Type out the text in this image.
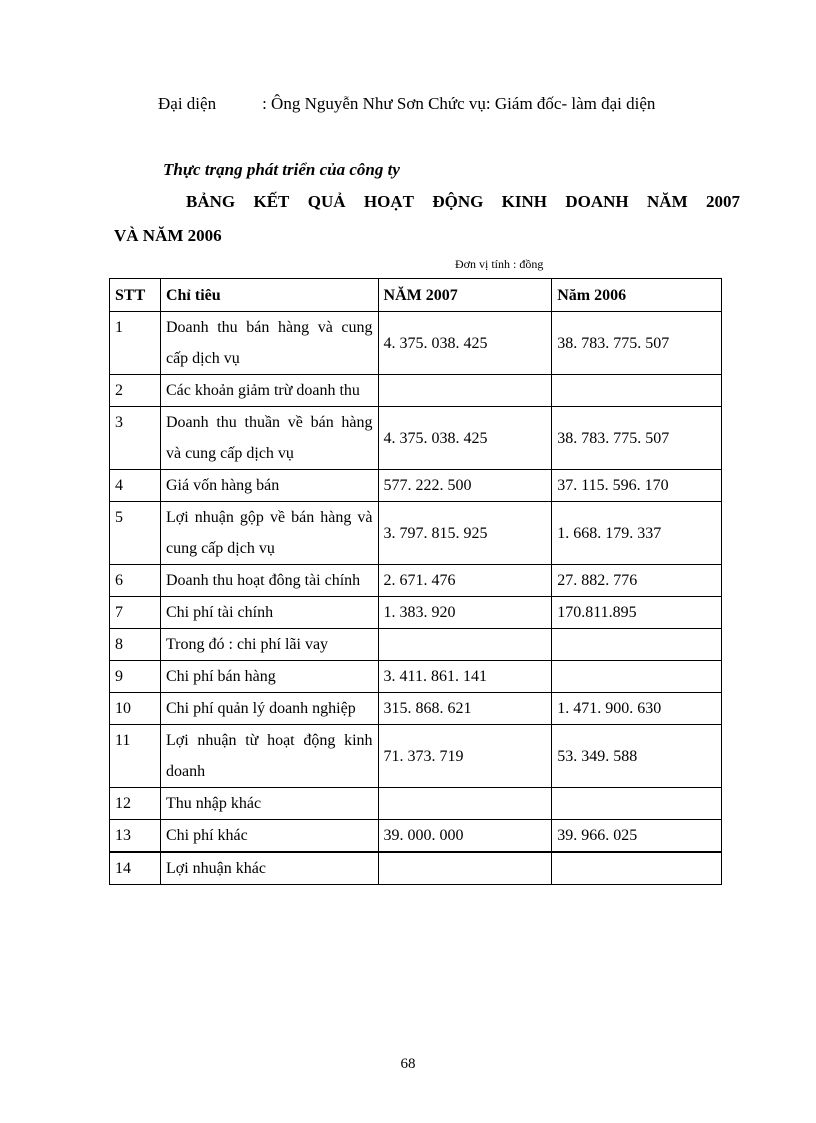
Đại diện	: Ông Nguyễn Như Sơn Chức vụ: Giám đốc- làm đại diện
Thực trạng phát triển của công ty
BẢNG KẾT QUẢ HOẠT ĐỘNG KINH DOANH NĂM 2007
VÀ NĂM 2006
Đơn vị tính : đồng
STT	Chỉ tiêu	NĂM 2007	Năm 2006
1	Doanh thu bán hàng và cung cấp dịch vụ	4. 375. 038. 425	38. 783. 775. 507
2	Các khoản giảm trừ doanh thu		
3	Doanh thu thuần về bán hàng và cung cấp dịch vụ	4. 375. 038. 425	38. 783. 775. 507
4	Giá vốn hàng bán	577. 222. 500	37. 115. 596. 170
5	Lợi nhuận gộp về bán hàng và cung cấp dịch vụ	3. 797. 815. 925	1. 668. 179. 337
6	Doanh thu hoạt đông tài chính	2. 671. 476	27. 882. 776
7	Chi phí tài chính	1. 383. 920	170.811.895
8	Trong đó : chi phí lãi vay		
9	Chi phí bán hàng	3. 411. 861. 141	
10	Chi phí quản lý doanh nghiệp	315. 868. 621	1. 471. 900. 630
11	Lợi nhuận từ hoạt động kinh doanh	71. 373. 719	53. 349. 588
12	Thu nhập khác		
13	Chi phí khác	39. 000. 000	39. 966. 025
14	Lợi nhuận khác		
68
